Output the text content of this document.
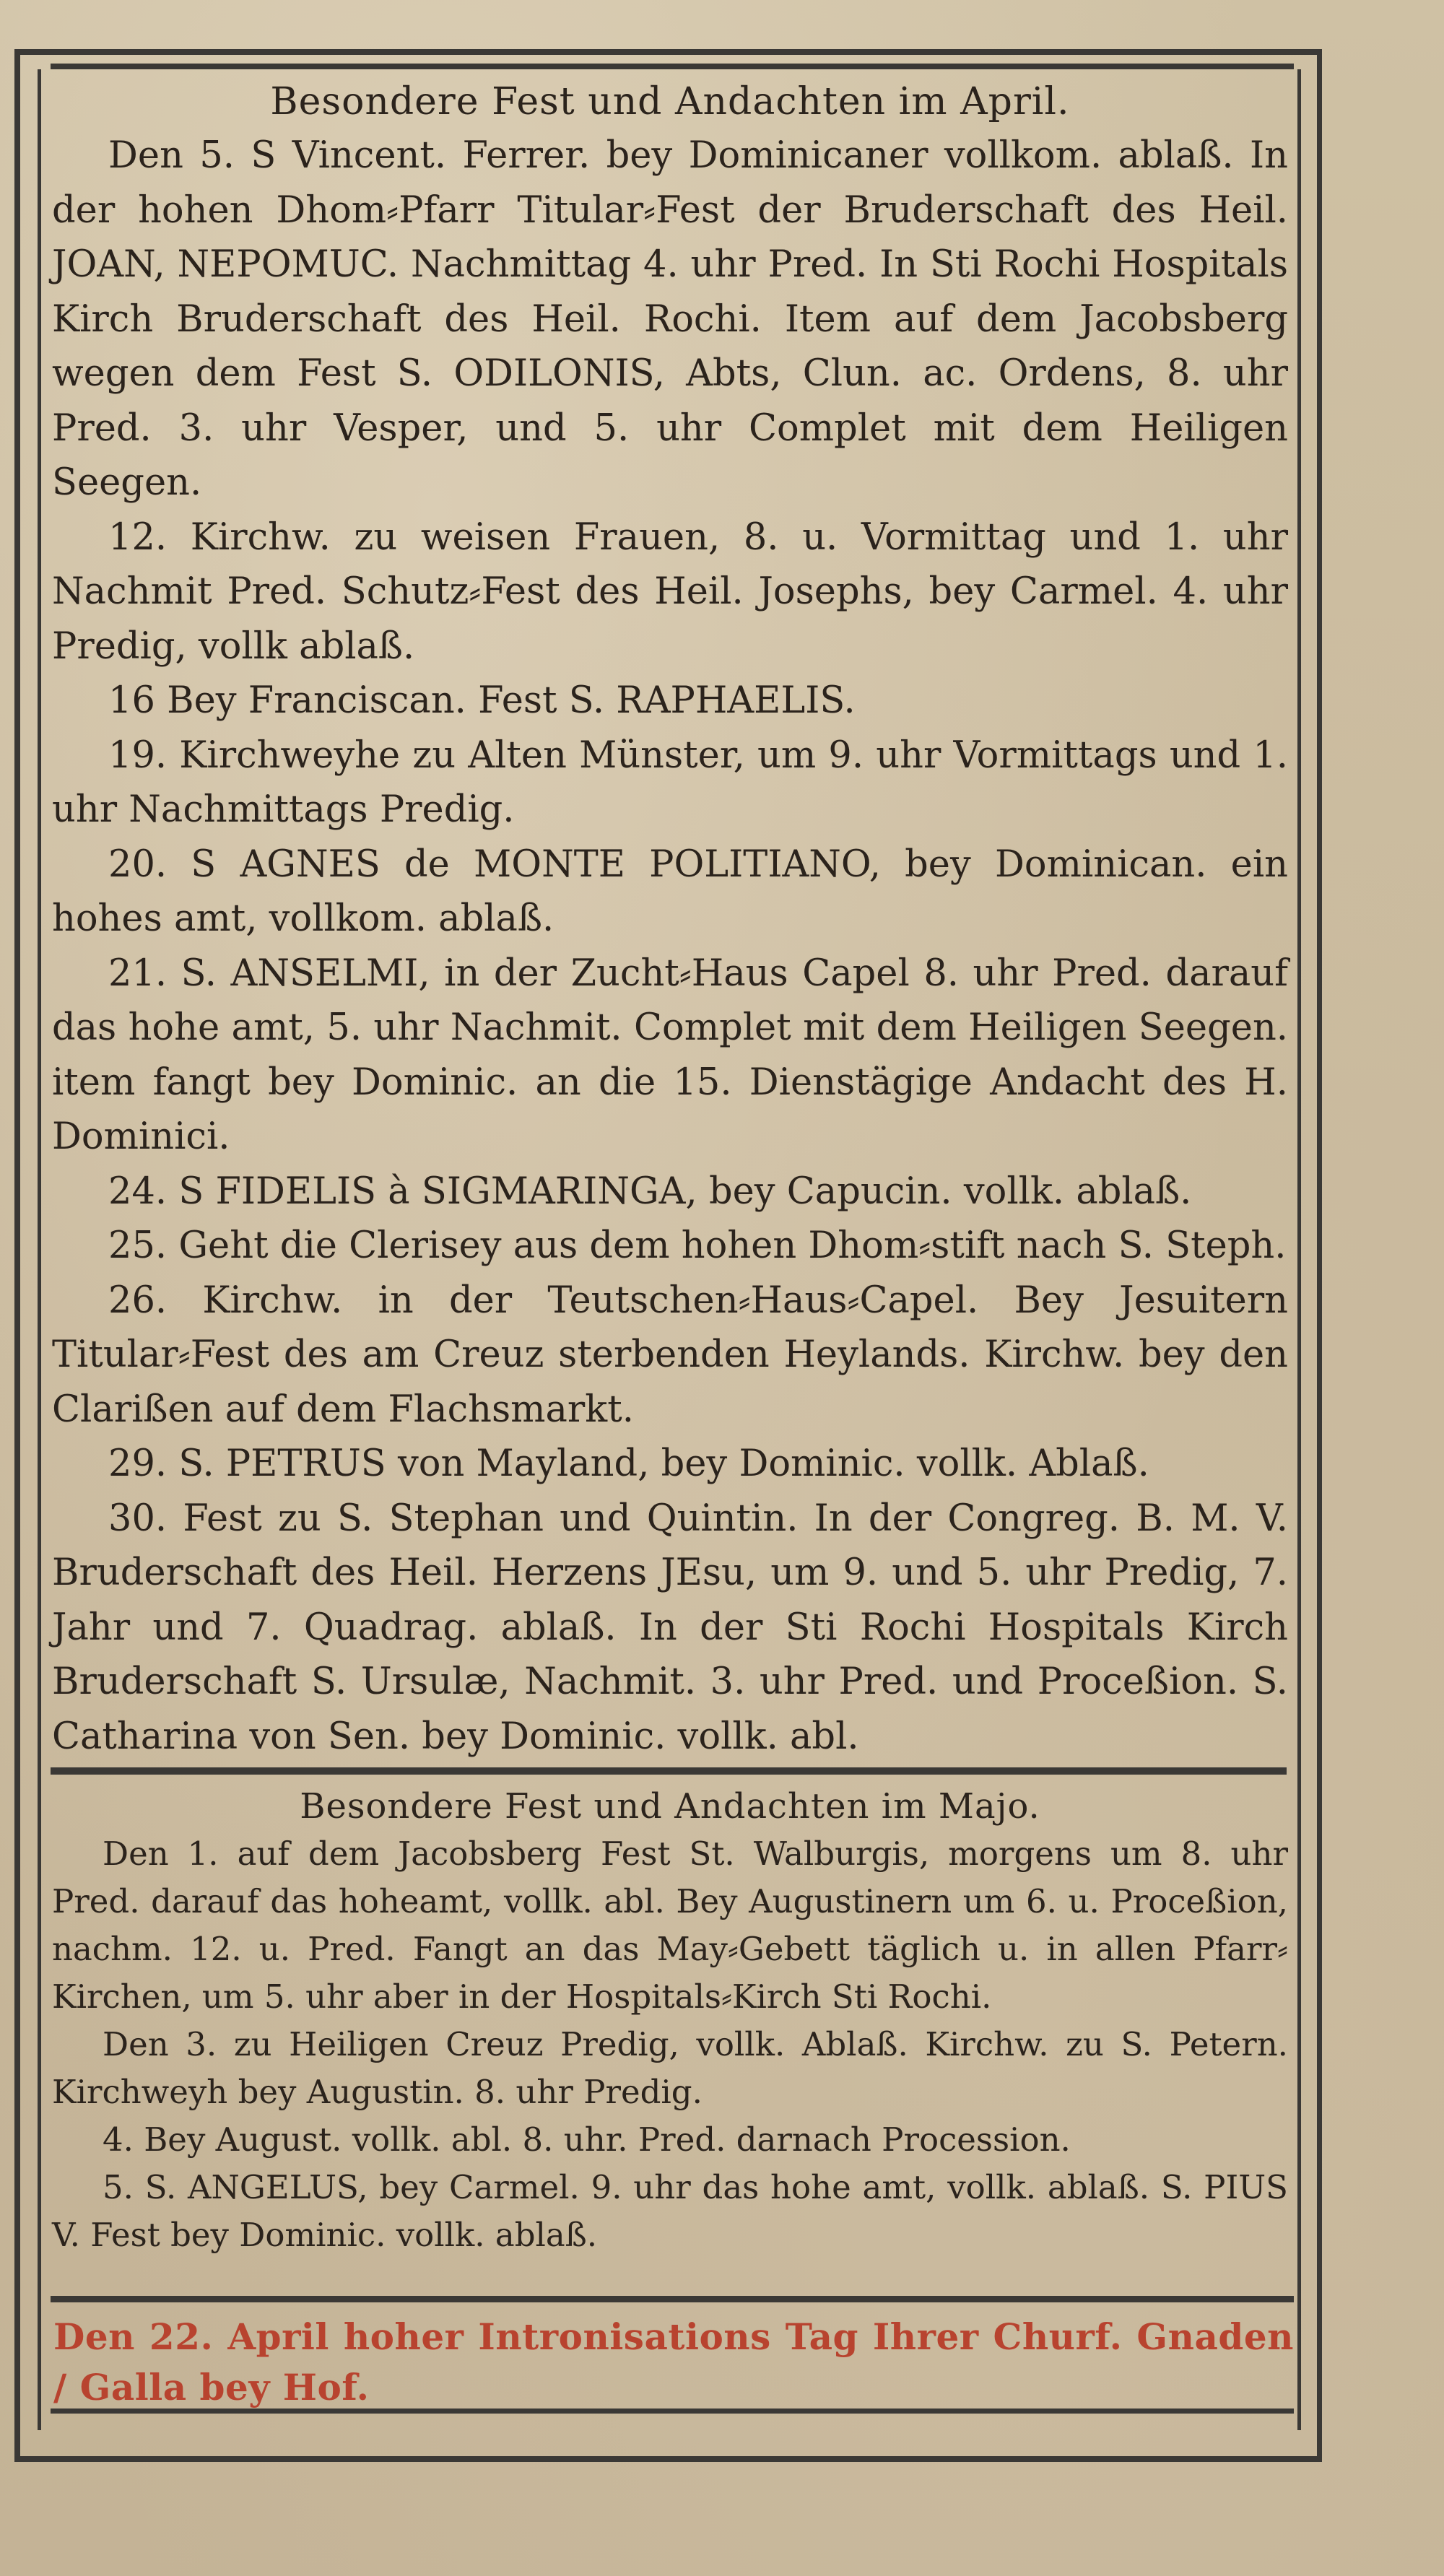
Besondere Fest und Andachten im April.

Den 5. S Vincent. Ferrer. bey Dominicaner vollkom. ablaß. In der hohen Dhom⸗Pfarr Titular⸗Fest der Bruderschaft des Heil. JOAN, NEPOMUC. Nachmittag 4. uhr Pred. In Sti Rochi Hospitals Kirch Bruderschaft des Heil. Rochi. Item auf dem Jacobsberg wegen dem Fest S. ODILONIS, Abts, Clun. ac. Ordens, 8. uhr Pred. 3. uhr Vesper, und 5. uhr Complet mit dem Heiligen Seegen.

12. Kirchw. zu weisen Frauen, 8. u. Vormittag und 1. uhr Nachmit Pred. Schutz⸗Fest des Heil. Josephs, bey Carmel. 4. uhr Predig, vollk ablaß.

16 Bey Franciscan. Fest S. RAPHAELIS.

19. Kirchweyhe zu Alten Münster, um 9. uhr Vormittags und 1. uhr Nachmittags Predig.

20. S AGNES de MONTE POLITIANO, bey Dominican. ein hohes amt, vollkom. ablaß.

21. S. ANSELMI, in der Zucht⸗Haus Capel 8. uhr Pred. darauf das hohe amt, 5. uhr Nachmit. Complet mit dem Heiligen Seegen. item fangt bey Dominic. an die 15. Dienstägige Andacht des H. Dominici.

24. S FIDELIS à SIGMARINGA, bey Capucin. vollk. ablaß.

25. Geht die Clerisey aus dem hohen Dhom⸗stift nach S. Steph.

26. Kirchw. in der Teutschen⸗Haus⸗Capel. Bey Jesuitern Titular⸗Fest des am Creuz sterbenden Heylands. Kirchw. bey den Clarißen auf dem Flachsmarkt.

29. S. PETRUS von Mayland, bey Dominic. vollk. Ablaß.

30. Fest zu S. Stephan und Quintin. In der Congreg. B. M. V. Bruderschaft des Heil. Herzens JEsu, um 9. und 5. uhr Predig, 7. Jahr und 7. Quadrag. ablaß. In der Sti Rochi Hospitals Kirch Bruderschaft S. Ursulæ, Nachmit. 3. uhr Pred. und Proceßion. S. Catharina von Sen. bey Dominic. vollk. abl.

Besondere Fest und Andachten im Majo.

Den 1. auf dem Jacobsberg Fest St. Walburgis, morgens um 8. uhr Pred. darauf das hoheamt, vollk. abl. Bey Augustinern um 6. u. Proceßion, nachm. 12. u. Pred. Fangt an das May⸗Gebett täglich u. in allen Pfarr⸗Kirchen, um 5. uhr aber in der Hospitals⸗Kirch Sti Rochi.

Den 3. zu Heiligen Creuz Predig, vollk. Ablaß. Kirchw. zu S. Petern. Kirchweyh bey Augustin. 8. uhr Predig.

4. Bey August. vollk. abl. 8. uhr. Pred. darnach Procession.

5. S. ANGELUS, bey Carmel. 9. uhr das hohe amt, vollk. ablaß. S. PIUS V. Fest bey Dominic. vollk. ablaß.

Den 22. April hoher Intronisations Tag Ihrer Churf. Gnaden / Galla bey Hof.
